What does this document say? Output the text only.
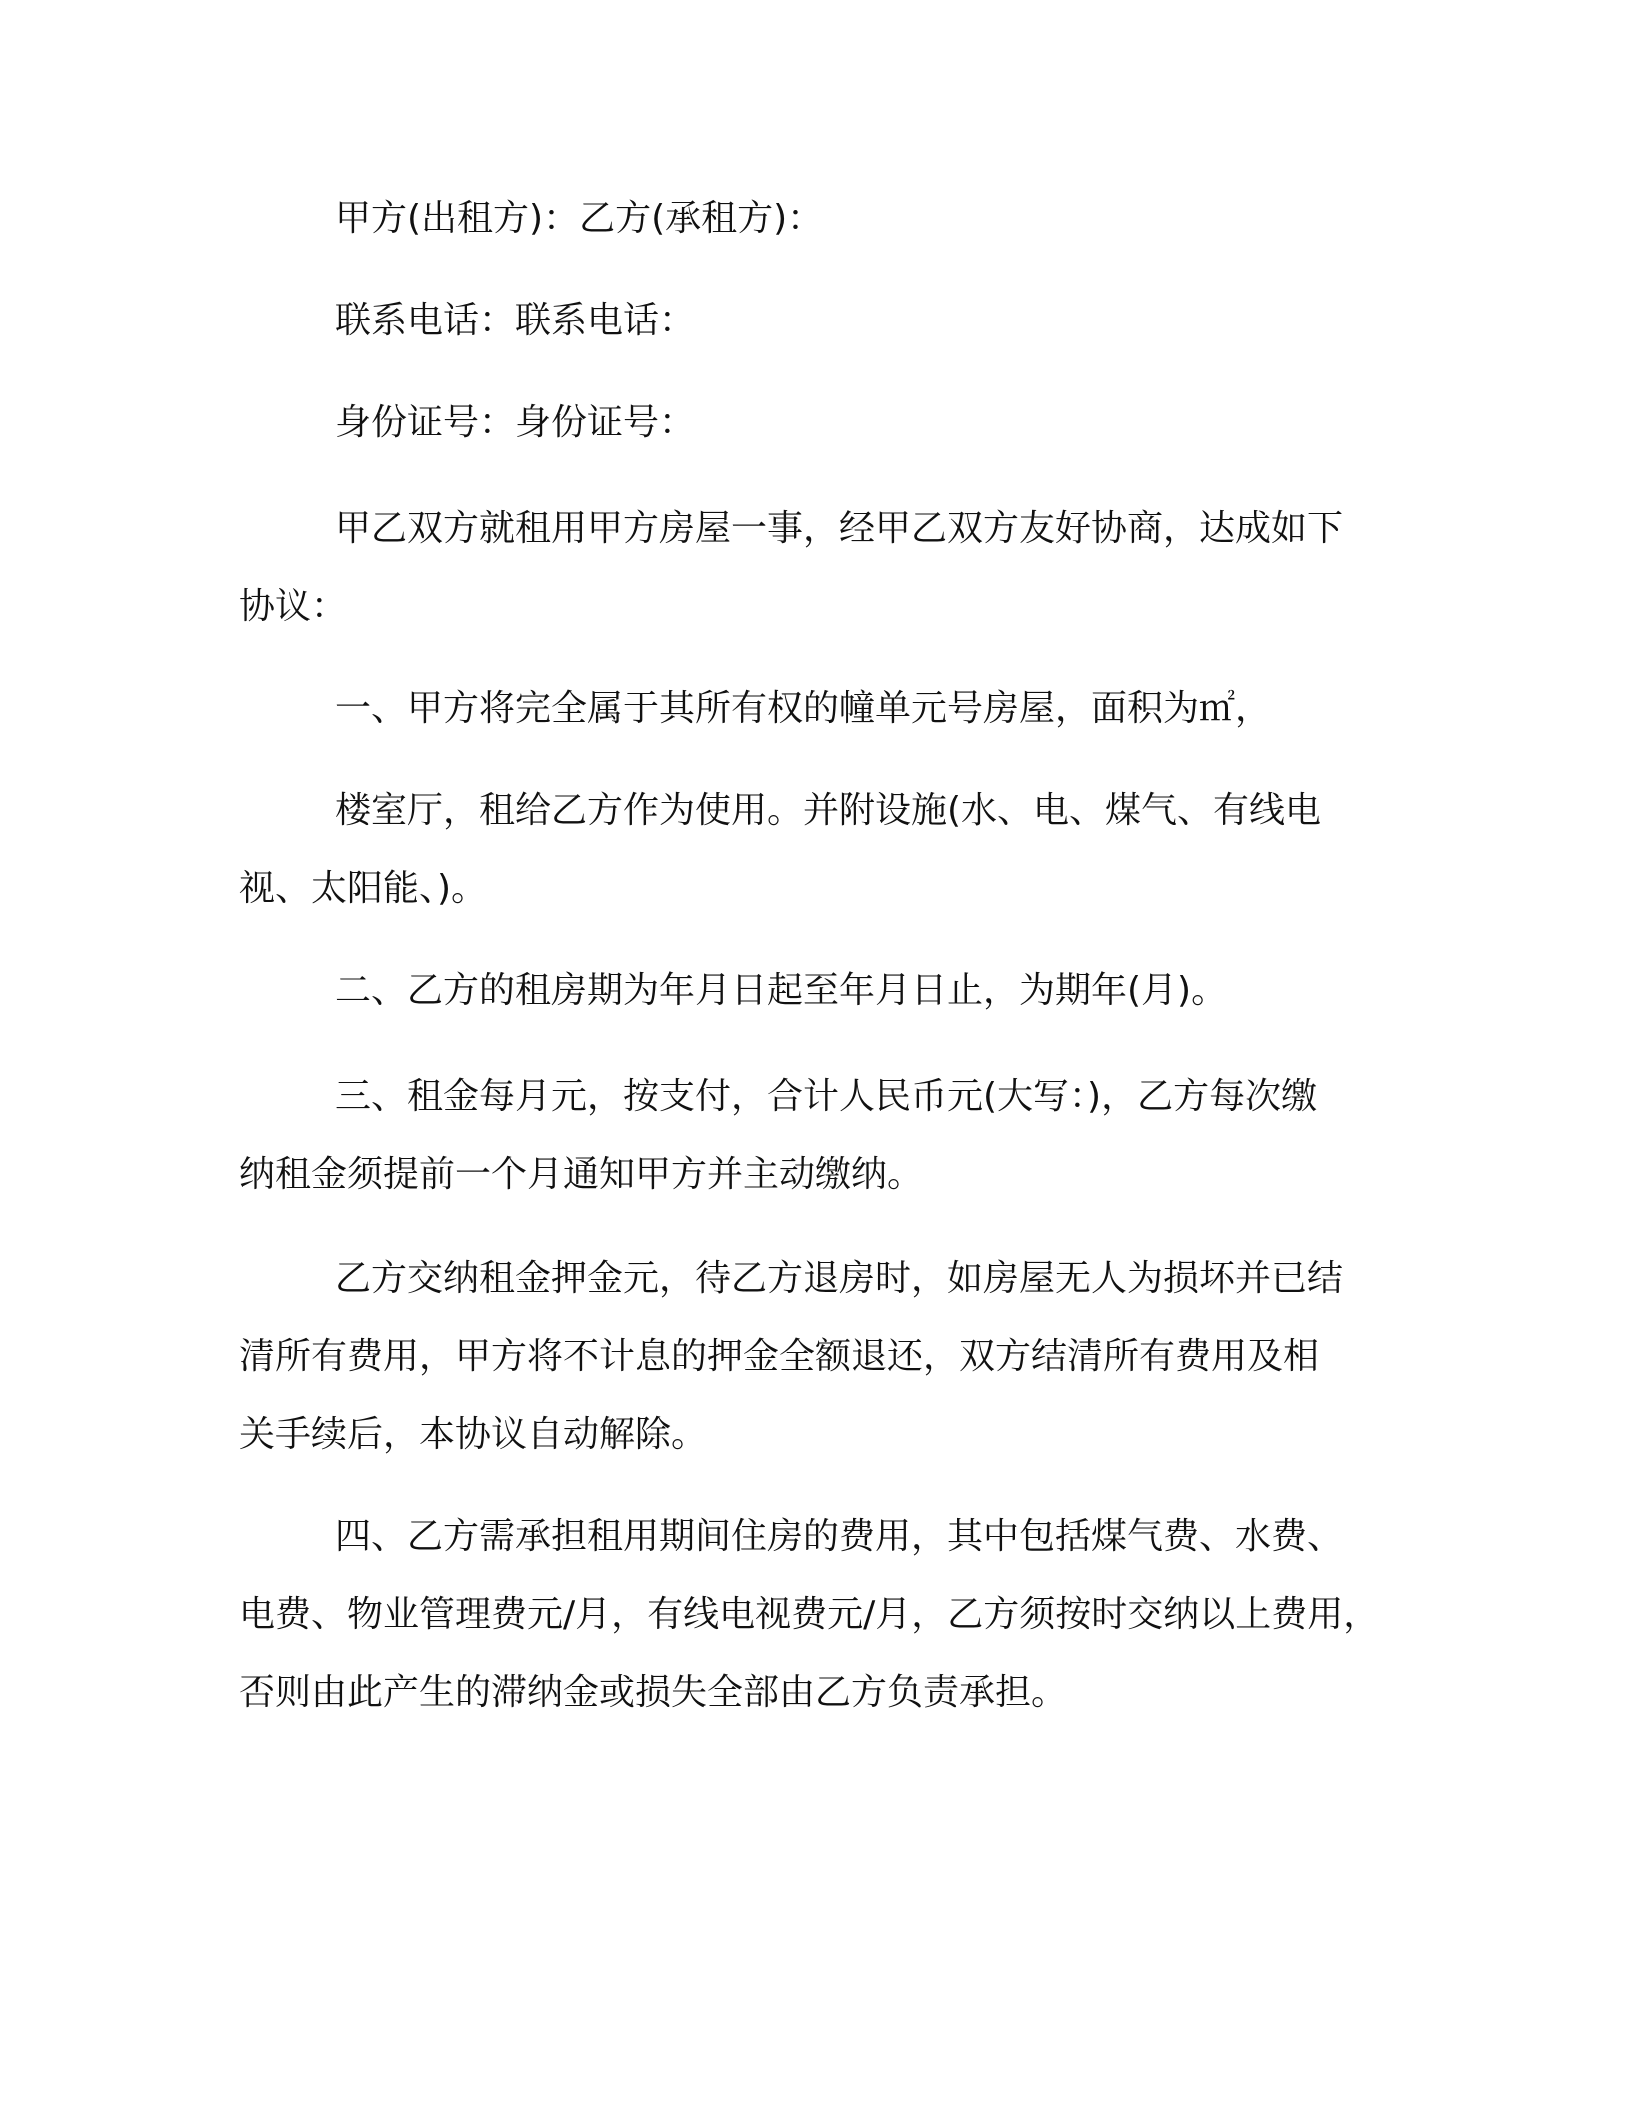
甲方(出租方)：乙方(承租方)：
联系电话：联系电话：
身份证号：身份证号：
甲乙双方就租用甲方房屋一事，经甲乙双方友好协商，达成如下
协议：
一、甲方将完全属于其所有权的幢单元号房屋，面积为㎡，
楼室厅，租给乙方作为使用。并附设施(水、电、煤气、有线电
视、太阳能、)。
二、乙方的租房期为年月日起至年月日止，为期年(月)。
三、租金每月元，按支付，合计人民币元(大写：)，乙方每次缴
纳租金须提前一个月通知甲方并主动缴纳。
乙方交纳租金押金元，待乙方退房时，如房屋无人为损坏并已结
清所有费用，甲方将不计息的押金全额退还，双方结清所有费用及相
关手续后，本协议自动解除。
四、乙方需承担租用期间住房的费用，其中包括煤气费、水费、
电费、物业管理费元/月，有线电视费元/月，乙方须按时交纳以上费用，
否则由此产生的滞纳金或损失全部由乙方负责承担。
